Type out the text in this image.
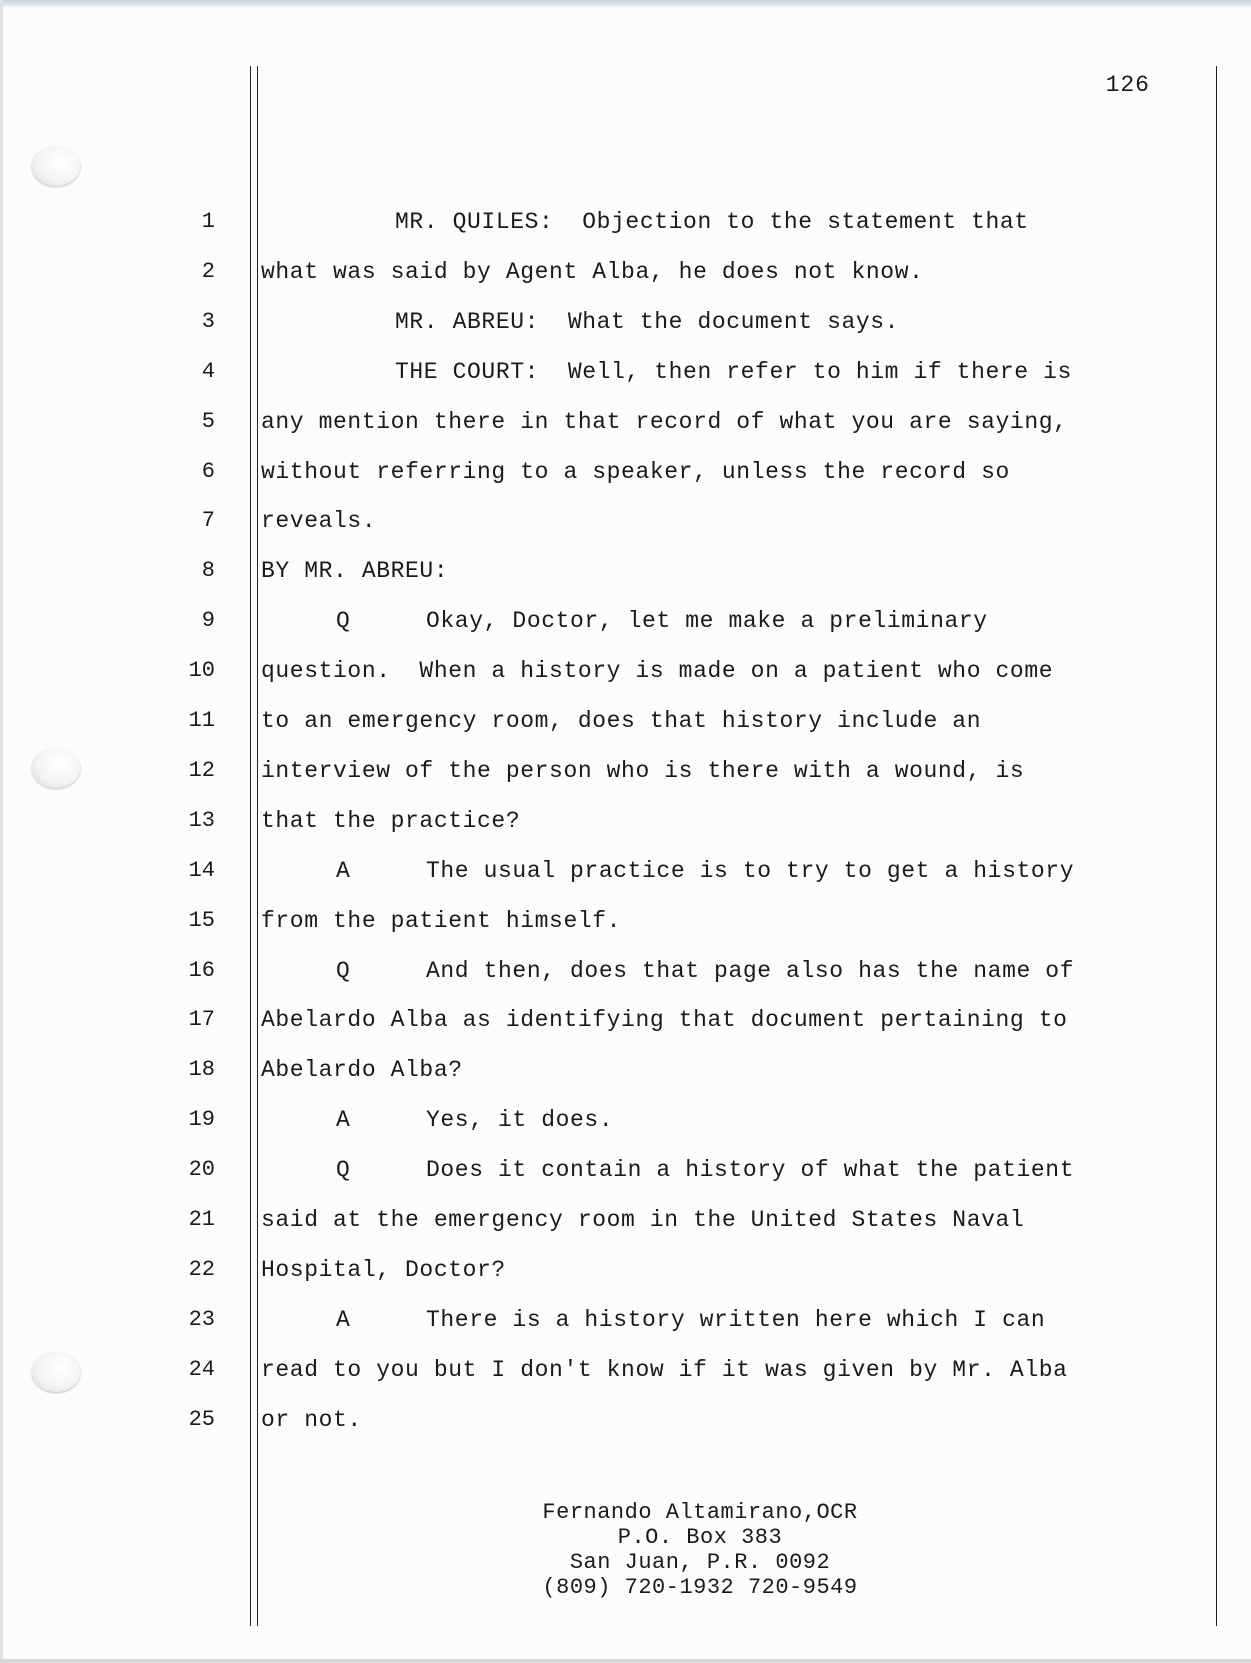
126
1	MR. QUILES:  Objection to the statement that
2 what was said by Agent Alba, he does not know.
3	MR. ABREU:  What the document says.
4	THE COURT:  Well, then refer to him if there is
5 any mention there in that record of what you are saying,
6 without referring to a speaker, unless the record so
7 reveals.
8 BY MR. ABREU:
9	Q	Okay, Doctor, let me make a preliminary
10 question.  When a history is made on a patient who come
11 to an emergency room, does that history include an
12 interview of the person who is there with a wound, is
13 that the practice?
14	A	The usual practice is to try to get a history
15 from the patient himself.
16	Q	And then, does that page also has the name of
17 Abelardo Alba as identifying that document pertaining to
18 Abelardo Alba?
19	A	Yes, it does.
20	Q	Does it contain a history of what the patient
21 said at the emergency room in the United States Naval
22 Hospital, Doctor?
23	A	There is a history written here which I can
24 read to you but I don't know if it was given by Mr. Alba
25 or not.
Fernando Altamirano,OCR
P.O. Box 383
San Juan, P.R. 0092
(809) 720-1932 720-9549
